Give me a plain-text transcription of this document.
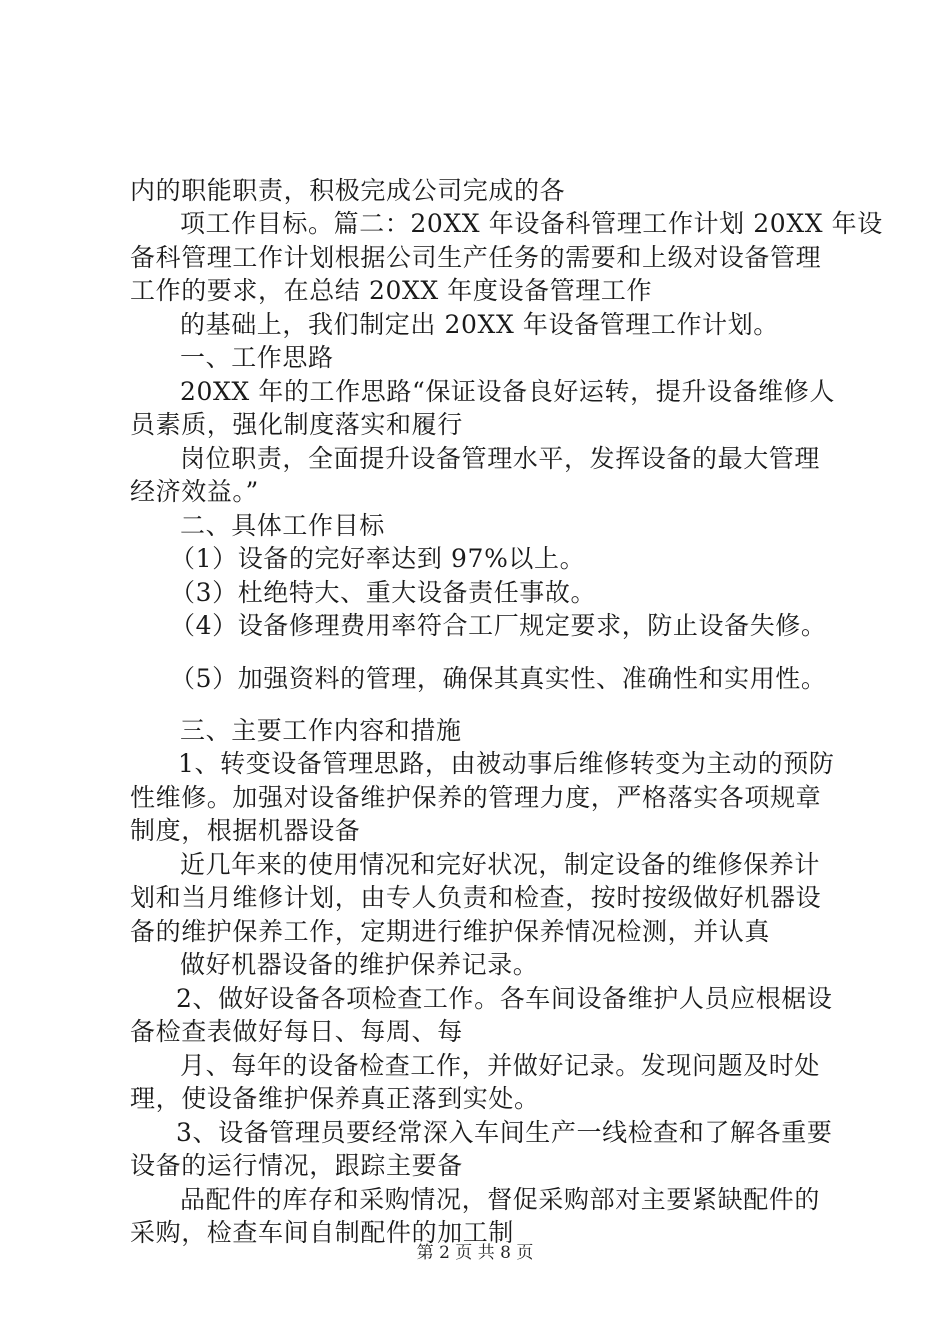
内的职能职责，积极完成公司完成的各
项工作目标。篇二：20XX 年设备科管理工作计划 20XX 年设
备科管理工作计划根据公司生产任务的需要和上级对设备管理
工作的要求，在总结 20XX 年度设备管理工作
的基础上，我们制定出 20XX 年设备管理工作计划。
一、工作思路
20XX 年的工作思路“保证设备良好运转，提升设备维修人
员素质，强化制度落实和履行
岗位职责，全面提升设备管理水平，发挥设备的最大管理
经济效益。”
二、具体工作目标
（1）设备的完好率达到 97%以上。
（3）杜绝特大、重大设备责任事故。
（4）设备修理费用率符合工厂规定要求，防止设备失修。
（5）加强资料的管理，确保其真实性、准确性和实用性。
三、主要工作内容和措施
1、转变设备管理思路，由被动事后维修转变为主动的预防
性维修。加强对设备维护保养的管理力度，严格落实各项规章
制度，根据机器设备
近几年来的使用情况和完好状况，制定设备的维修保养计
划和当月维修计划，由专人负责和检查，按时按级做好机器设
备的维护保养工作，定期进行维护保养情况检测，并认真
做好机器设备的维护保养记录。
2、做好设备各项检查工作。各车间设备维护人员应根椐设
备检查表做好每日、每周、每
月、每年的设备检查工作，并做好记录。发现问题及时处
理，使设备维护保养真正落到实处。
3、设备管理员要经常深入车间生产一线检查和了解各重要
设备的运行情况，跟踪主要备
品配件的库存和采购情况，督促采购部对主要紧缺配件的
采购，检查车间自制配件的加工制
第 2 页 共 8 页
